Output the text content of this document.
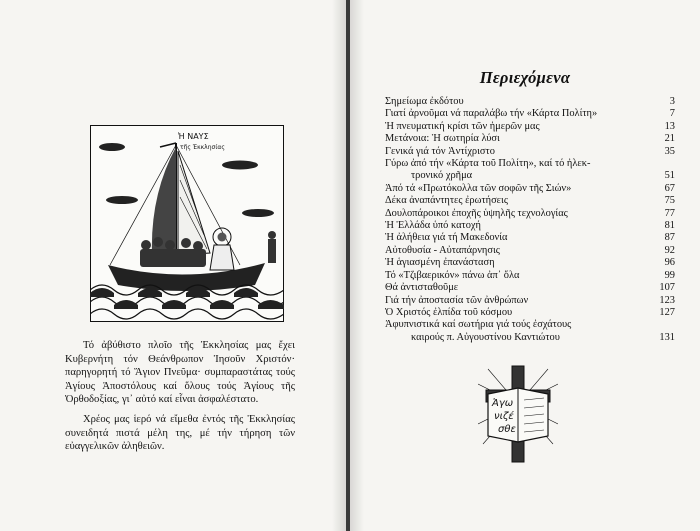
Ἡ ΝΑΥΣ
τῆς Ἐκκλησίας

Τό ἀβύθιστο πλοῖο τῆς Ἐκκλησίας μας ἔχει Κυβερνήτη τόν Θεάνθρωπον Ἰησοῦν Χριστόν· παρηγορητή τό Ἅγιον Πνεῦμα· συμπαραστάτας τούς Ἁγίους Ἀποστόλους καί ὅλους τούς Ἁγίους τῆς Ὀρθοδοξίας, γι᾿ αὐτό καί εἶναι ἀσφαλέστατο.

Χρέος μας ἱερό νά εἴμεθα ἐντός τῆς Ἐκκλησίας συνειδητά πιστά μέλη της, μέ τήν τήρηση τῶν εὐαγγελικῶν ἀληθειῶν.

Περιεχόμενα
Σημείωμα ἐκδότου	3
Γιατί ἀρνοῦμαι νά παραλάβω τήν «Κάρτα Πολίτη»	7
Ἡ πνευματική κρίσι τῶν ἡμερῶν μας	13
Μετάνοια: Ἡ σωτηρία λύσι	21
Γενικά γιά τόν Ἀντίχριστο	35
Γύρω ἀπό τήν «Κάρτα τοῦ Πολίτη», καί τό ἠλεκ-
τρονικό χρῆμα	51
Ἀπό τά «Πρωτόκολλα τῶν σοφῶν τῆς Σιών»	67
Δέκα ἀναπάντητες ἐρωτήσεις	75
Δουλοπάροικοι ἐποχῆς ὑψηλῆς τεχνολογίας	77
Ἡ Ἑλλάδα ὑπό κατοχή	81
Ἡ ἀλήθεια γιά τή Μακεδονία	87
Αὐτοθυσία - Αὐταπάρνησις	92
Ἡ ἁγιασμένη ἐπανάσταση	96
Τό «Τζιβαερικόν» πάνω ἀπ᾿ ὅλα	99
Θά ἀντισταθοῦμε	107
Γιά τήν ἀποστασία τῶν ἀνθρώπων	123
Ὁ Χριστός ἐλπίδα τοῦ κόσμου	127
Ἀφυπνιστικά καί σωτήρια γιά τούς ἐσχάτους
καιρούς π. Αὐγουστίνου Καντιώτου	131
Ἀγω
νιζέ
σθε
